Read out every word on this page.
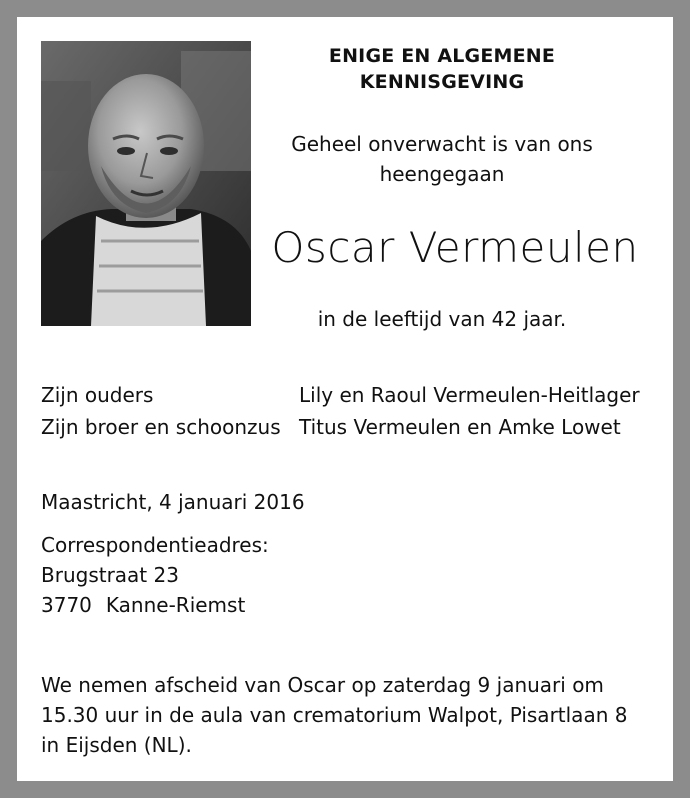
ENIGE EN ALGEMENE
KENNISGEVING
Geheel onverwacht is van ons
heengegaan
Oscar Vermeulen
in de leeftijd van 42 jaar.
Zijn ouders	Lily en Raoul Vermeulen-Heitlager
Zijn broer en schoonzus Titus Vermeulen en Amke Lowet
Maastricht, 4 januari 2016
Correspondentieadres:
Brugstraat 23
3770 Kanne-Riemst
We nemen afscheid van Oscar op zaterdag 9 januari om
15.30 uur in de aula van crematorium Walpot, Pisartlaan 8
in Eijsden (NL).
